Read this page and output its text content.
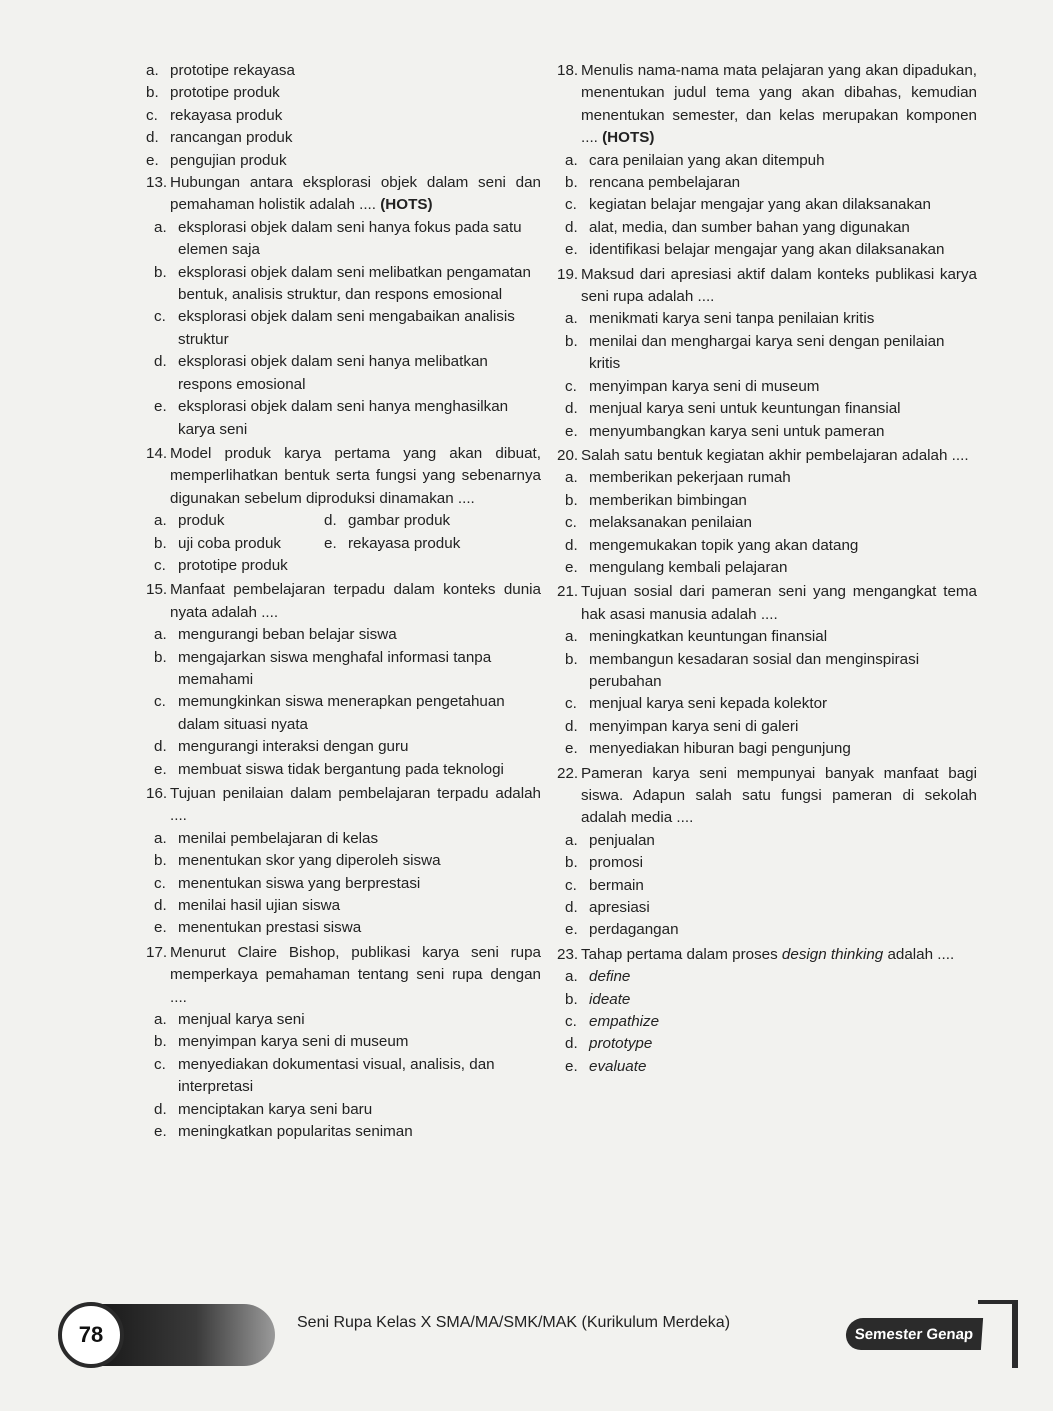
a. prototipe rekayasa
b. prototipe produk
c. rekayasa produk
d. rancangan produk
e. pengujian produk
13. Hubungan antara eksplorasi objek dalam seni dan pemahaman holistik adalah .... (HOTS)
a. eksplorasi objek dalam seni hanya fokus pada satu elemen saja
b. eksplorasi objek dalam seni melibatkan pengamatan bentuk, analisis struktur, dan respons emosional
c. eksplorasi objek dalam seni mengabaikan analisis struktur
d. eksplorasi objek dalam seni hanya melibatkan respons emosional
e. eksplorasi objek dalam seni hanya menghasilkan karya seni
14. Model produk karya pertama yang akan dibuat, memperlihatkan bentuk serta fungsi yang sebenarnya digunakan sebelum diproduksi dinamakan ....
a. produk	d. gambar produk
b. uji coba produk	e. rekayasa produk
c. prototipe produk
15. Manfaat pembelajaran terpadu dalam konteks dunia nyata adalah ....
a. mengurangi beban belajar siswa
b. mengajarkan siswa menghafal informasi tanpa memahami
c. memungkinkan siswa menerapkan pengetahuan dalam situasi nyata
d. mengurangi interaksi dengan guru
e. membuat siswa tidak bergantung pada teknologi
16. Tujuan penilaian dalam pembelajaran terpadu adalah ....
a. menilai pembelajaran di kelas
b. menentukan skor yang diperoleh siswa
c. menentukan siswa yang berprestasi
d. menilai hasil ujian siswa
e. menentukan prestasi siswa
17. Menurut Claire Bishop, publikasi karya seni rupa memperkaya pemahaman tentang seni rupa dengan ....
a. menjual karya seni
b. menyimpan karya seni di museum
c. menyediakan dokumentasi visual, analisis, dan interpretasi
d. menciptakan karya seni baru
e. meningkatkan popularitas seniman
18. Menulis nama-nama mata pelajaran yang akan dipadukan, menentukan judul tema yang akan dibahas, kemudian menentukan semester, dan kelas merupakan komponen .... (HOTS)
a. cara penilaian yang akan ditempuh
b. rencana pembelajaran
c. kegiatan belajar mengajar yang akan dilaksanakan
d. alat, media, dan sumber bahan yang digunakan
e. identifikasi belajar mengajar yang akan dilaksanakan
19. Maksud dari apresiasi aktif dalam konteks publikasi karya seni rupa adalah ....
a. menikmati karya seni tanpa penilaian kritis
b. menilai dan menghargai karya seni dengan penilaian kritis
c. menyimpan karya seni di museum
d. menjual karya seni untuk keuntungan finansial
e. menyumbangkan karya seni untuk pameran
20. Salah satu bentuk kegiatan akhir pembelajaran adalah ....
a. memberikan pekerjaan rumah
b. memberikan bimbingan
c. melaksanakan penilaian
d. mengemukakan topik yang akan datang
e. mengulang kembali pelajaran
21. Tujuan sosial dari pameran seni yang mengangkat tema hak asasi manusia adalah ....
a. meningkatkan keuntungan finansial
b. membangun kesadaran sosial dan menginspirasi perubahan
c. menjual karya seni kepada kolektor
d. menyimpan karya seni di galeri
e. menyediakan hiburan bagi pengunjung
22. Pameran karya seni mempunyai banyak manfaat bagi siswa. Adapun salah satu fungsi pameran di sekolah adalah media ....
a. penjualan
b. promosi
c. bermain
d. apresiasi
e. perdagangan
23. Tahap pertama dalam proses design thinking adalah ....
a. define
b. ideate
c. empathize
d. prototype
e. evaluate
78	Seni Rupa Kelas X SMA/MA/SMK/MAK (Kurikulum Merdeka)
Semester Genap
